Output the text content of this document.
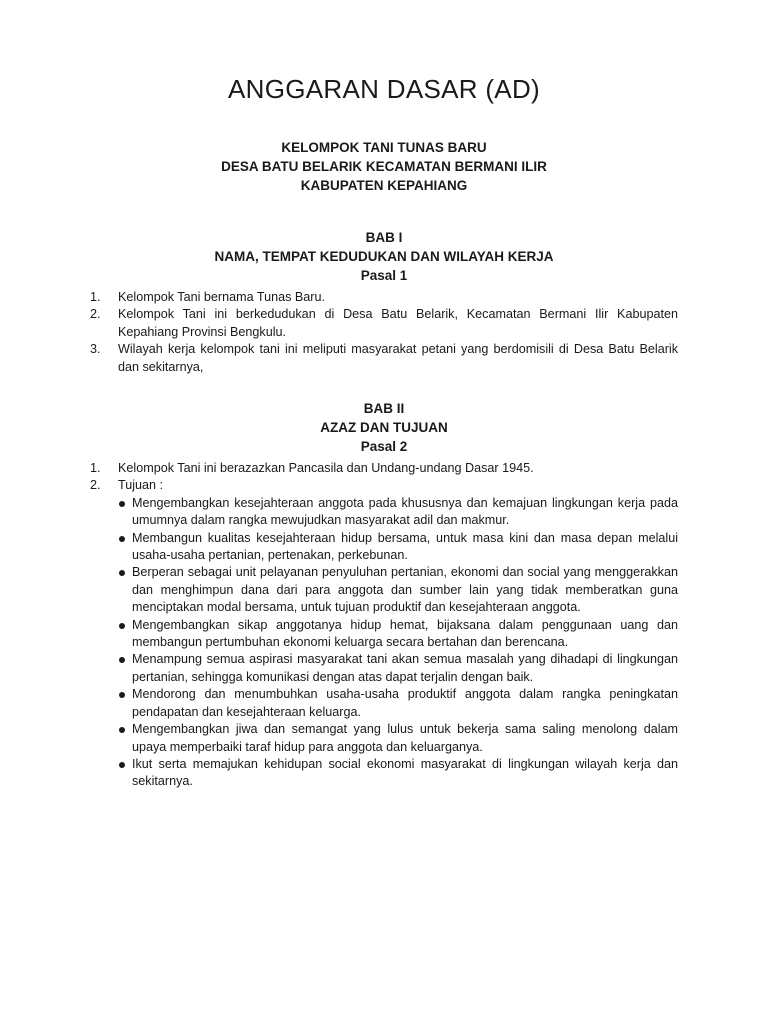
ANGGARAN DASAR (AD)
KELOMPOK TANI TUNAS BARU
DESA BATU BELARIK KECAMATAN BERMANI ILIR
KABUPATEN KEPAHIANG
BAB I
NAMA, TEMPAT KEDUDUKAN DAN WILAYAH KERJA
Pasal 1
1. Kelompok Tani bernama Tunas Baru.
2. Kelompok Tani ini berkedudukan di Desa Batu Belarik, Kecamatan Bermani Ilir Kabupaten Kepahiang Provinsi Bengkulu.
3. Wilayah kerja kelompok tani ini meliputi masyarakat petani yang berdomisili di Desa Batu Belarik dan sekitarnya,
BAB II
AZAZ DAN TUJUAN
Pasal 2
1. Kelompok Tani ini berazazkan Pancasila dan Undang-undang Dasar 1945.
2. Tujuan :
Mengembangkan kesejahteraan anggota pada khususnya dan kemajuan lingkungan kerja pada umumnya dalam rangka mewujudkan masyarakat adil dan makmur.
Membangun kualitas kesejahteraan hidup bersama, untuk masa kini dan masa depan melalui usaha-usaha pertanian, pertenakan, perkebunan.
Berperan sebagai unit pelayanan penyuluhan pertanian, ekonomi dan social yang menggerakkan dan menghimpun dana dari para anggota dan sumber lain yang tidak memberatkan guna menciptakan modal bersama, untuk tujuan produktif dan kesejahteraan anggota.
Mengembangkan sikap anggotanya hidup hemat, bijaksana dalam penggunaan uang dan membangun pertumbuhan ekonomi keluarga secara bertahan dan berencana.
Menampung semua aspirasi masyarakat tani akan semua masalah yang dihadapi di lingkungan pertanian, sehingga komunikasi dengan atas dapat terjalin dengan baik.
Mendorong dan menumbuhkan usaha-usaha produktif anggota dalam rangka peningkatan pendapatan dan kesejahteraan keluarga.
Mengembangkan jiwa dan semangat yang lulus untuk bekerja sama saling menolong dalam upaya memperbaiki taraf hidup para anggota dan keluarganya.
Ikut serta memajukan kehidupan social ekonomi masyarakat di lingkungan wilayah kerja dan sekitarnya.
